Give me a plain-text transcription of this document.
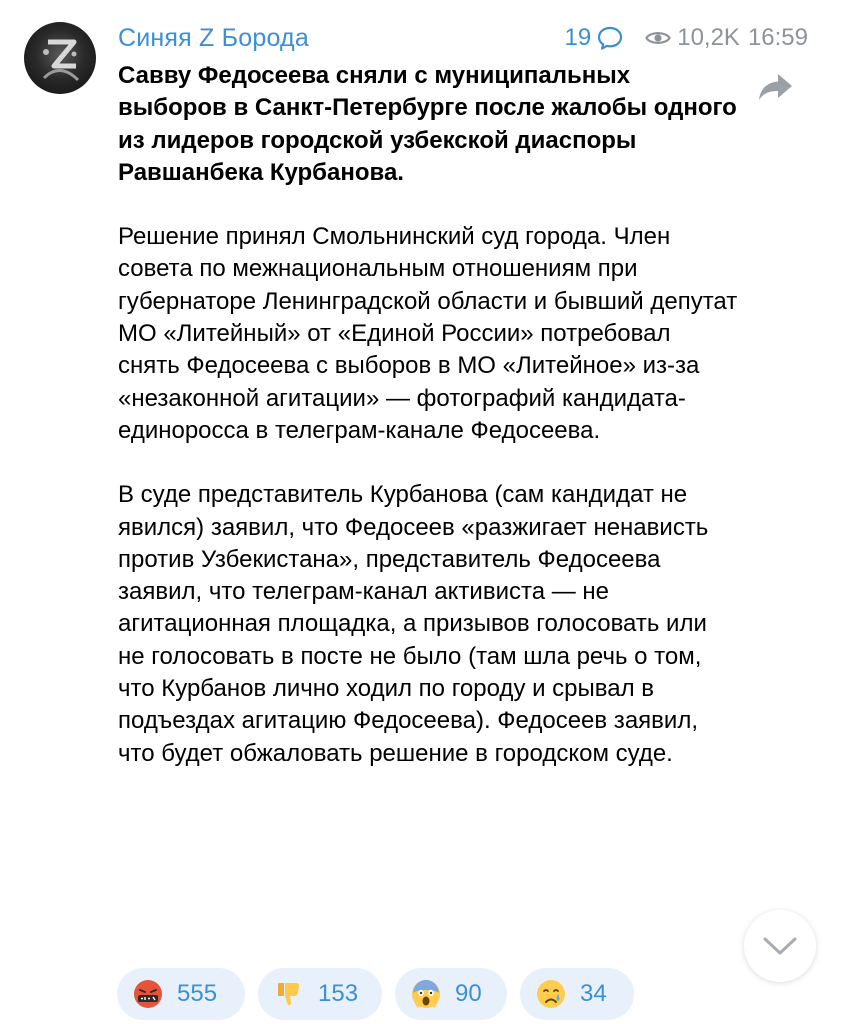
Синяя Z Борода	19	10,2K 16:59

Савву Федосеева сняли с муниципальных выборов в Санкт-Петербурге после жалобы одного из лидеров городской узбекской диаспоры Равшанбека Курбанова.

Решение принял Смольнинский суд города. Член совета по межнациональным отношениям при губернаторе Ленинградской области и бывший депутат МО «Литейный» от «Единой России» потребовал снять Федосеева с выборов в МО «Литейное» из-за «незаконной агитации» — фотографий кандидата-единоросса в телеграм-канале Федосеева.

В суде представитель Курбанова (сам кандидат не явился) заявил, что Федосеев «разжигает ненависть против Узбекистана», представитель Федосеева заявил, что телеграм-канал активиста — не агитационная площадка, а призывов голосовать или не голосовать в посте не было (там шла речь о том, что Курбанов лично ходил по городу и срывал в подъездах агитацию Федосеева). Федосеев заявил, что будет обжаловать решение в городском суде.

555	153	90	34
